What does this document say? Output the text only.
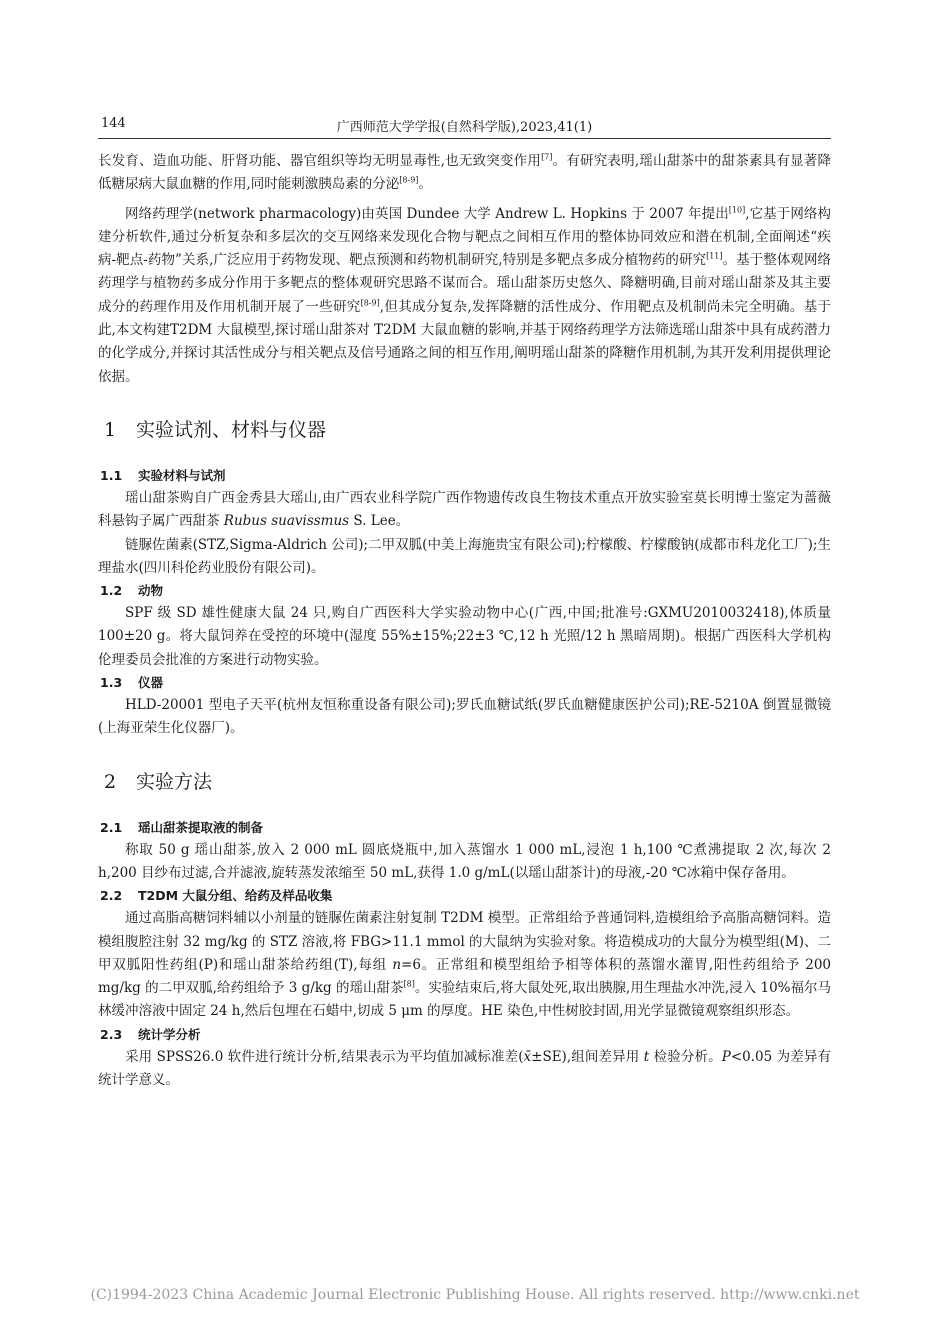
144	广西师范大学学报(自然科学版),2023,41(1)

长发育、造血功能、肝肾功能、器官组织等均无明显毒性,也无致突变作用[7]。有研究表明,瑶山甜茶中的甜茶素具有显著降低糖尿病大鼠血糖的作用,同时能刺激胰岛素的分泌[8-9]。

网络药理学(network pharmacology)由英国 Dundee 大学 Andrew L. Hopkins 于 2007 年提出[10],它基于网络构建分析软件,通过分析复杂和多层次的交互网络来发现化合物与靶点之间相互作用的整体协同效应和潜在机制,全面阐述“疾病-靶点-药物”关系,广泛应用于药物发现、靶点预测和药物机制研究,特别是多靶点多成分植物药的研究[11]。基于整体观网络药理学与植物药多成分作用于多靶点的整体观研究思路不谋而合。瑶山甜茶历史悠久、降糖明确,目前对瑶山甜茶及其主要成分的药理作用及作用机制开展了一些研究[8-9],但其成分复杂,发挥降糖的活性成分、作用靶点及机制尚未完全明确。基于此,本文构建T2DM 大鼠模型,探讨瑶山甜茶对 T2DM 大鼠血糖的影响,并基于网络药理学方法筛选瑶山甜茶中具有成药潜力的化学成分,并探讨其活性成分与相关靶点及信号通路之间的相互作用,阐明瑶山甜茶的降糖作用机制,为其开发利用提供理论依据。

1 实验试剂、材料与仪器
1.1 实验材料与试剂

瑶山甜茶购自广西金秀县大瑶山,由广西农业科学院广西作物遗传改良生物技术重点开放实验室莫长明博士鉴定为蔷薇科悬钩子属广西甜茶 Rubus suavissmus S. Lee。

链脲佐菌素(STZ,Sigma-Aldrich 公司);二甲双胍(中美上海施贵宝有限公司);柠檬酸、柠檬酸钠(成都市科龙化工厂);生理盐水(四川科伦药业股份有限公司)。

1.2 动物

SPF 级 SD 雄性健康大鼠 24 只,购自广西医科大学实验动物中心(广西,中国;批准号:GXMU2010032418),体质量 100±20 g。将大鼠饲养在受控的环境中(湿度 55%±15%;22±3 ℃,12 h 光照/12 h 黑暗周期)。根据广西医科大学机构伦理委员会批准的方案进行动物实验。

1.3 仪器

HLD-20001 型电子天平(杭州友恒称重设备有限公司);罗氏血糖试纸(罗氏血糖健康医护公司);RE-5210A 倒置显微镜(上海亚荣生化仪器厂)。

2 实验方法
2.1 瑶山甜茶提取液的制备

称取 50 g 瑶山甜茶,放入 2 000 mL 圆底烧瓶中,加入蒸馏水 1 000 mL,浸泡 1 h,100 ℃煮沸提取 2 次,每次 2 h,200 目纱布过滤,合并滤液,旋转蒸发浓缩至 50 mL,获得 1.0 g/mL(以瑶山甜茶计)的母液,-20 ℃冰箱中保存备用。

2.2 T2DM 大鼠分组、给药及样品收集

通过高脂高糖饲料辅以小剂量的链脲佐菌素注射复制 T2DM 模型。正常组给予普通饲料,造模组给予高脂高糖饲料。造模组腹腔注射 32 mg/kg 的 STZ 溶液,将 FBG>11.1 mmol 的大鼠纳为实验对象。将造模成功的大鼠分为模型组(M)、二甲双胍阳性药组(P)和瑶山甜茶给药组(T),每组 n=6。正常组和模型组给予相等体积的蒸馏水灌胃,阳性药组给予 200 mg/kg 的二甲双胍,给药组给予 3 g/kg 的瑶山甜茶[8]。实验结束后,将大鼠处死,取出胰腺,用生理盐水冲洗,浸入 10%福尔马林缓冲溶液中固定 24 h,然后包埋在石蜡中,切成 5 μm 的厚度。HE 染色,中性树胶封固,用光学显微镜观察组织形态。

2.3 统计学分析

采用 SPSS26.0 软件进行统计分析,结果表示为平均值加减标准差(x̄±SE),组间差异用 t 检验分析。P<0.05 为差异有统计学意义。

(C)1994-2023 China Academic Journal Electronic Publishing House. All rights reserved. http://www.cnki.net
